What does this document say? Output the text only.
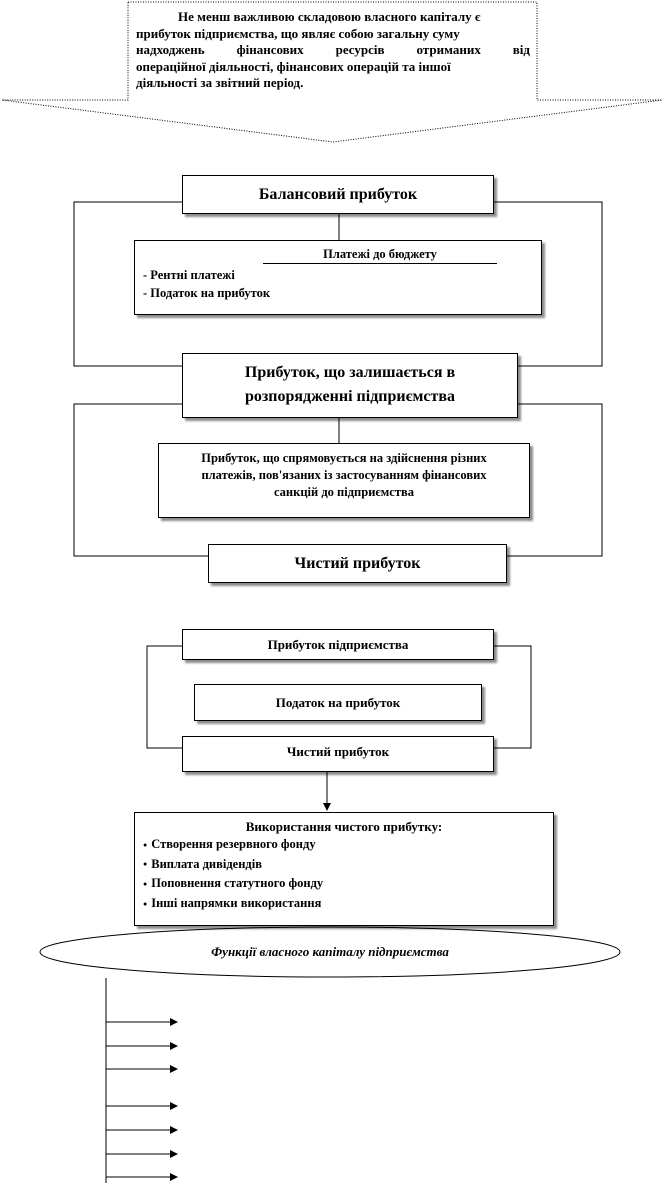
Не менш важливою складовою власного капіталу є
прибуток підприємства, що являє собою загальну суму
надходжень фінансових ресурсів отриманих від
операційної діяльності, фінансових операцій та іншої
діяльності за звітний період.
Балансовий прибуток
Платежі до бюджету
- Рентні платежі
- Податок на прибуток
Прибуток, що залишається в
розпорядженні підприємства
Прибуток, що спрямовується на здійснення різних
платежів, пов'язаних із застосуванням фінансових
санкцій до підприємства
Чистий прибуток
Прибуток підприємства
Податок на прибуток
Чистий прибуток
Використання чистого прибутку:
● Створення резервного фонду
● Виплата дивідендів
● Поповнення статутного фонду
● Інші напрямки використання
Функції власного капіталу підприємства
